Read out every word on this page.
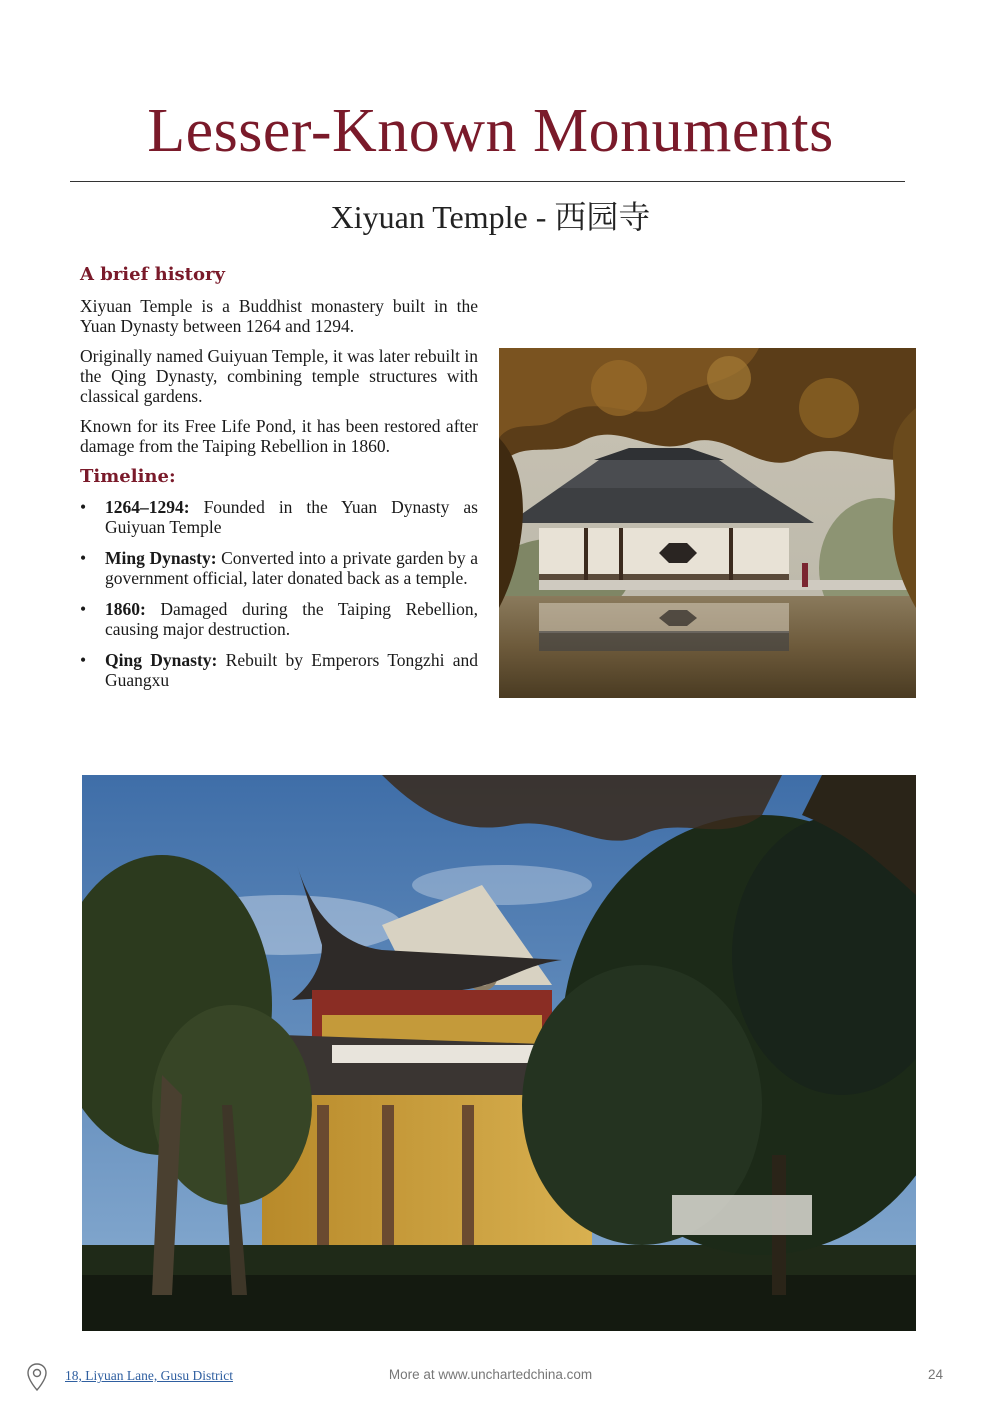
Lesser-Known Monuments
Xiyuan Temple - 西园寺
A brief history

Xiyuan Temple is a Buddhist monastery built in the Yuan Dynasty between 1264 and 1294.

Originally named Guiyuan Temple, it was later rebuilt in the Qing Dynasty, combining temple structures with classical gardens.

Known for its Free Life Pond, it has been restored after damage from the Taiping Rebellion in 1860.

Timeline:
• 1264–1294: Founded in the Yuan Dynasty as Guiyuan Temple
• Ming Dynasty: Converted into a private garden by a government official, later donated back as a temple.
• 1860: Damaged during the Taiping Rebellion, causing major destruction.
• Qing Dynasty: Rebuilt by Emperors Tongzhi and Guangxu
18, Liyuan Lane, Gusu District	More at www.unchartedchina.com	24
